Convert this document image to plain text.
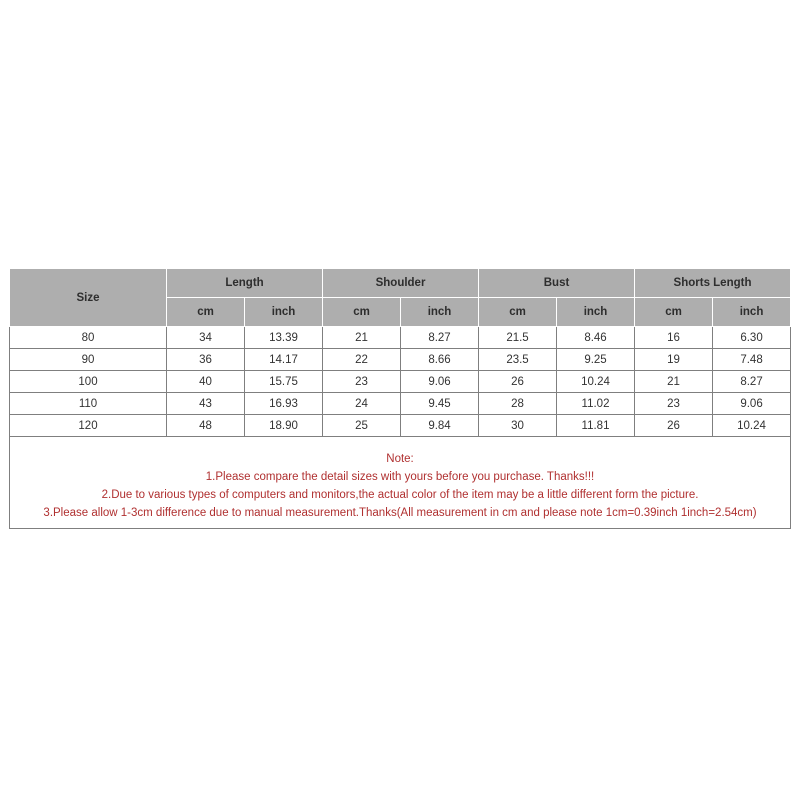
Size	Length		Shoulder		Bust		Shorts Length	
	cm	inch	cm	inch	cm	inch	cm	inch
80	34	13.39	21	8.27	21.5	8.46	16	6.30
90	36	14.17	22	8.66	23.5	9.25	19	7.48
100	40	15.75	23	9.06	26	10.24	21	8.27
110	43	16.93	24	9.45	28	11.02	23	9.06
120	48	18.90	25	9.84	30	11.81	26	10.24

Note:
1.Please compare the detail sizes with yours before you purchase. Thanks!!!
2.Due to various types of computers and monitors,the actual color of the item may be a little different form the picture.
3.Please allow 1-3cm difference due to manual measurement.Thanks(All measurement in cm and please note 1cm=0.39inch 1inch=2.54cm)								
